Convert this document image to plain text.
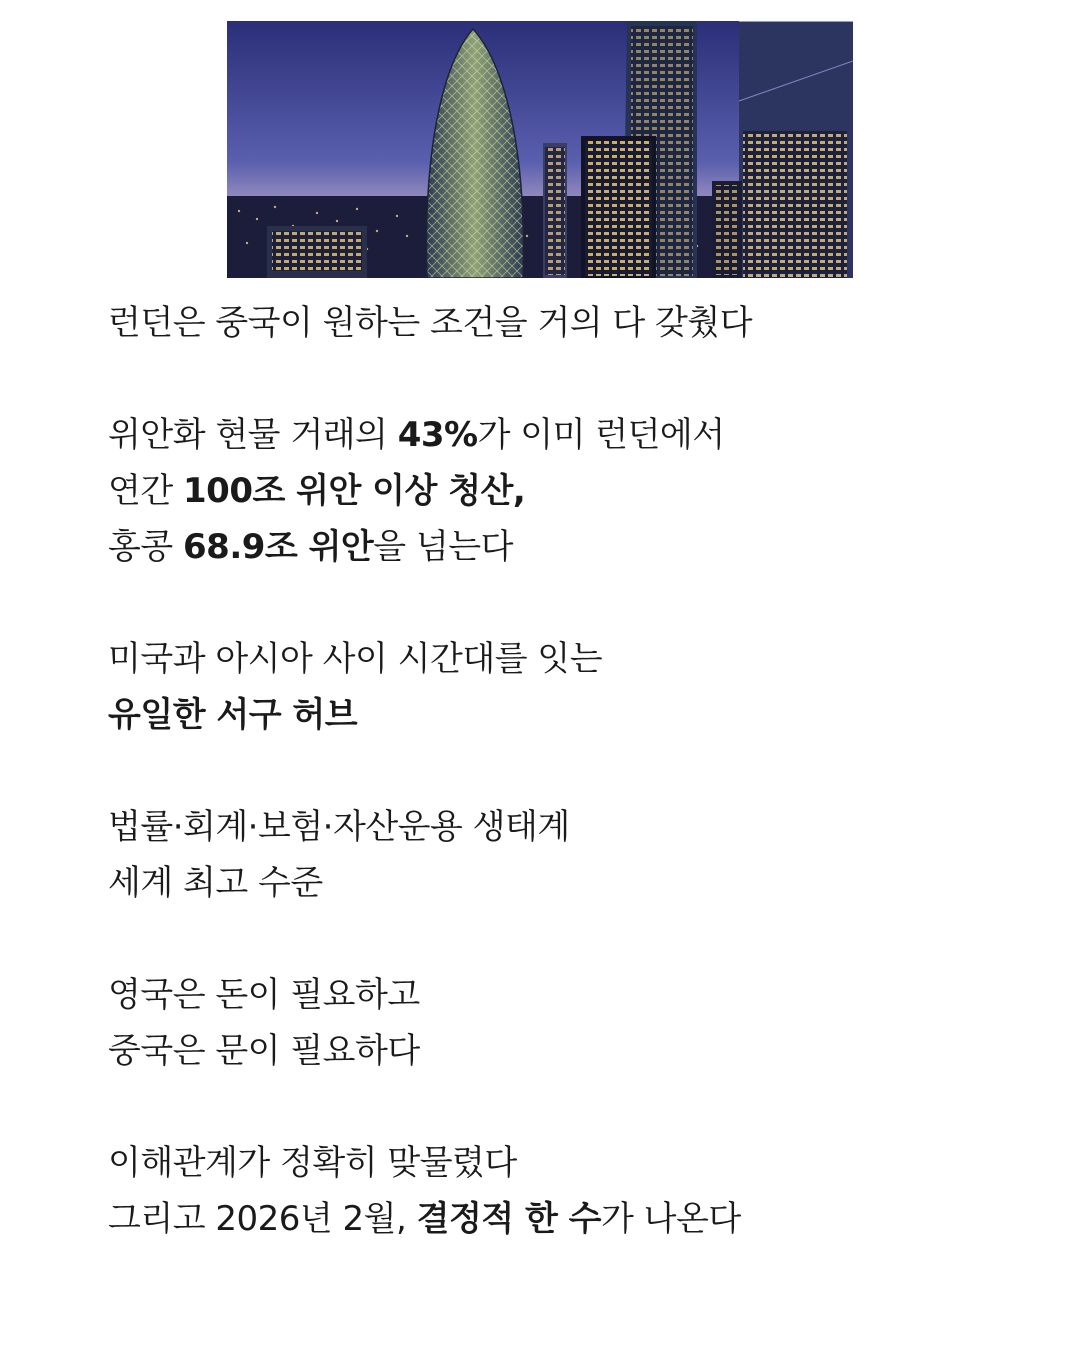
런던은 중국이 원하는 조건을 거의 다 갖췄다
위안화 현물 거래의 43%가 이미 런던에서
연간 100조 위안 이상 청산,
홍콩 68.9조 위안을 넘는다
미국과 아시아 사이 시간대를 잇는
유일한 서구 허브
법률·회계·보험·자산운용 생태계
세계 최고 수준
영국은 돈이 필요하고
중국은 문이 필요하다
이해관계가 정확히 맞물렸다
그리고 2026년 2월, 결정적 한 수가 나온다
